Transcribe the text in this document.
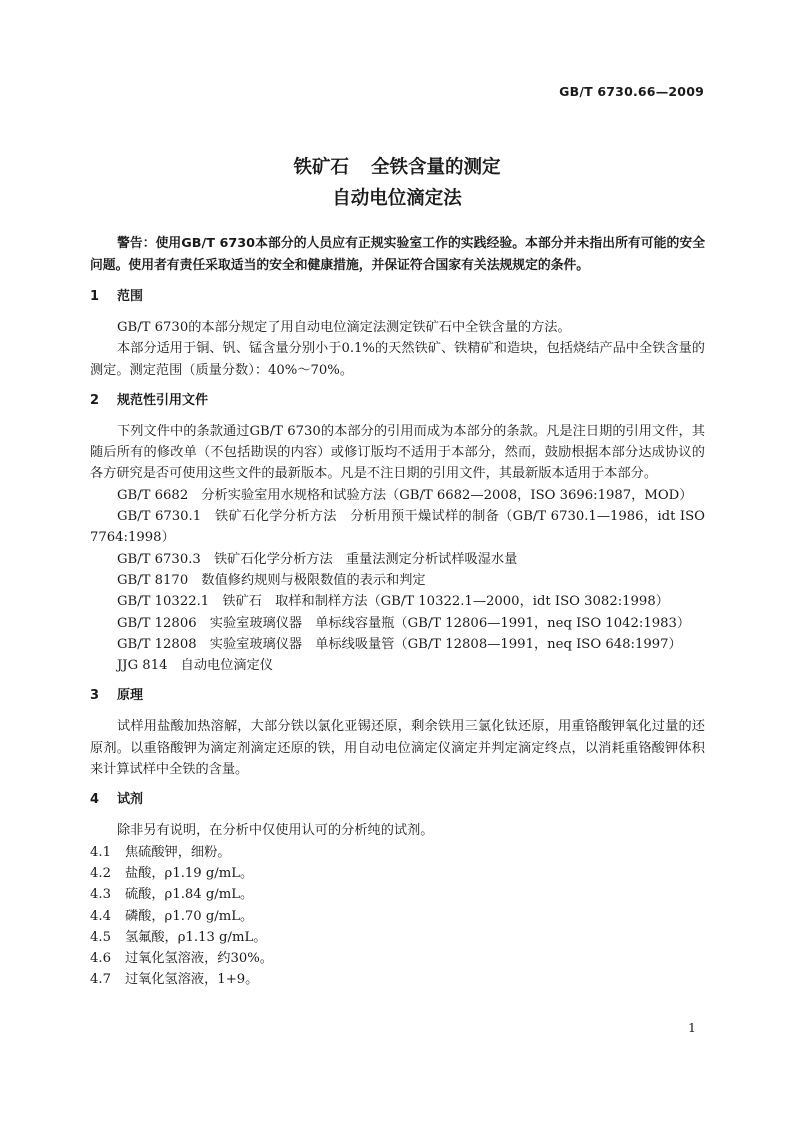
GB/T 6730.66—2009
铁矿石 全铁含量的测定
自动电位滴定法

警告：使用GB/T 6730本部分的人员应有正规实验室工作的实践经验。本部分并未指出所有可能的安全问题。使用者有责任采取适当的安全和健康措施，并保证符合国家有关法规规定的条件。

1 范围

GB/T 6730的本部分规定了用自动电位滴定法测定铁矿石中全铁含量的方法。

本部分适用于铜、钒、锰含量分别小于0.1%的天然铁矿、铁精矿和造块，包括烧结产品中全铁含量的测定。测定范围（质量分数）：40%～70%。

2 规范性引用文件

下列文件中的条款通过GB/T 6730的本部分的引用而成为本部分的条款。凡是注日期的引用文件，其随后所有的修改单（不包括勘误的内容）或修订版均不适用于本部分，然而，鼓励根据本部分达成协议的各方研究是否可使用这些文件的最新版本。凡是不注日期的引用文件，其最新版本适用于本部分。

GB/T 6682　分析实验室用水规格和试验方法（GB/T 6682—2008，ISO 3696:1987，MOD）

GB/T 6730.1　铁矿石化学分析方法　分析用预干燥试样的制备（GB/T 6730.1—1986，idt ISO 7764:1998）

GB/T 6730.3　铁矿石化学分析方法　重量法测定分析试样吸湿水量

GB/T 8170　数值修约规则与极限数值的表示和判定

GB/T 10322.1　铁矿石　取样和制样方法（GB/T 10322.1—2000，idt ISO 3082:1998）

GB/T 12806　实验室玻璃仪器　单标线容量瓶（GB/T 12806—1991，neq ISO 1042:1983）

GB/T 12808　实验室玻璃仪器　单标线吸量管（GB/T 12808—1991，neq ISO 648:1997）

JJG 814　自动电位滴定仪

3 原理

试样用盐酸加热溶解，大部分铁以氯化亚锡还原，剩余铁用三氯化钛还原，用重铬酸钾氧化过量的还原剂。以重铬酸钾为滴定剂滴定还原的铁，用自动电位滴定仪滴定并判定滴定终点，以消耗重铬酸钾体积来计算试样中全铁的含量。

4 试剂

除非另有说明，在分析中仅使用认可的分析纯的试剂。

4.1 焦硫酸钾，细粉。

4.2 盐酸，ρ1.19 g/mL。

4.3 硫酸，ρ1.84 g/mL。

4.4 磷酸，ρ1.70 g/mL。

4.5 氢氟酸，ρ1.13 g/mL。

4.6 过氧化氢溶液，约30%。

4.7 过氧化氢溶液，1+9。

1
